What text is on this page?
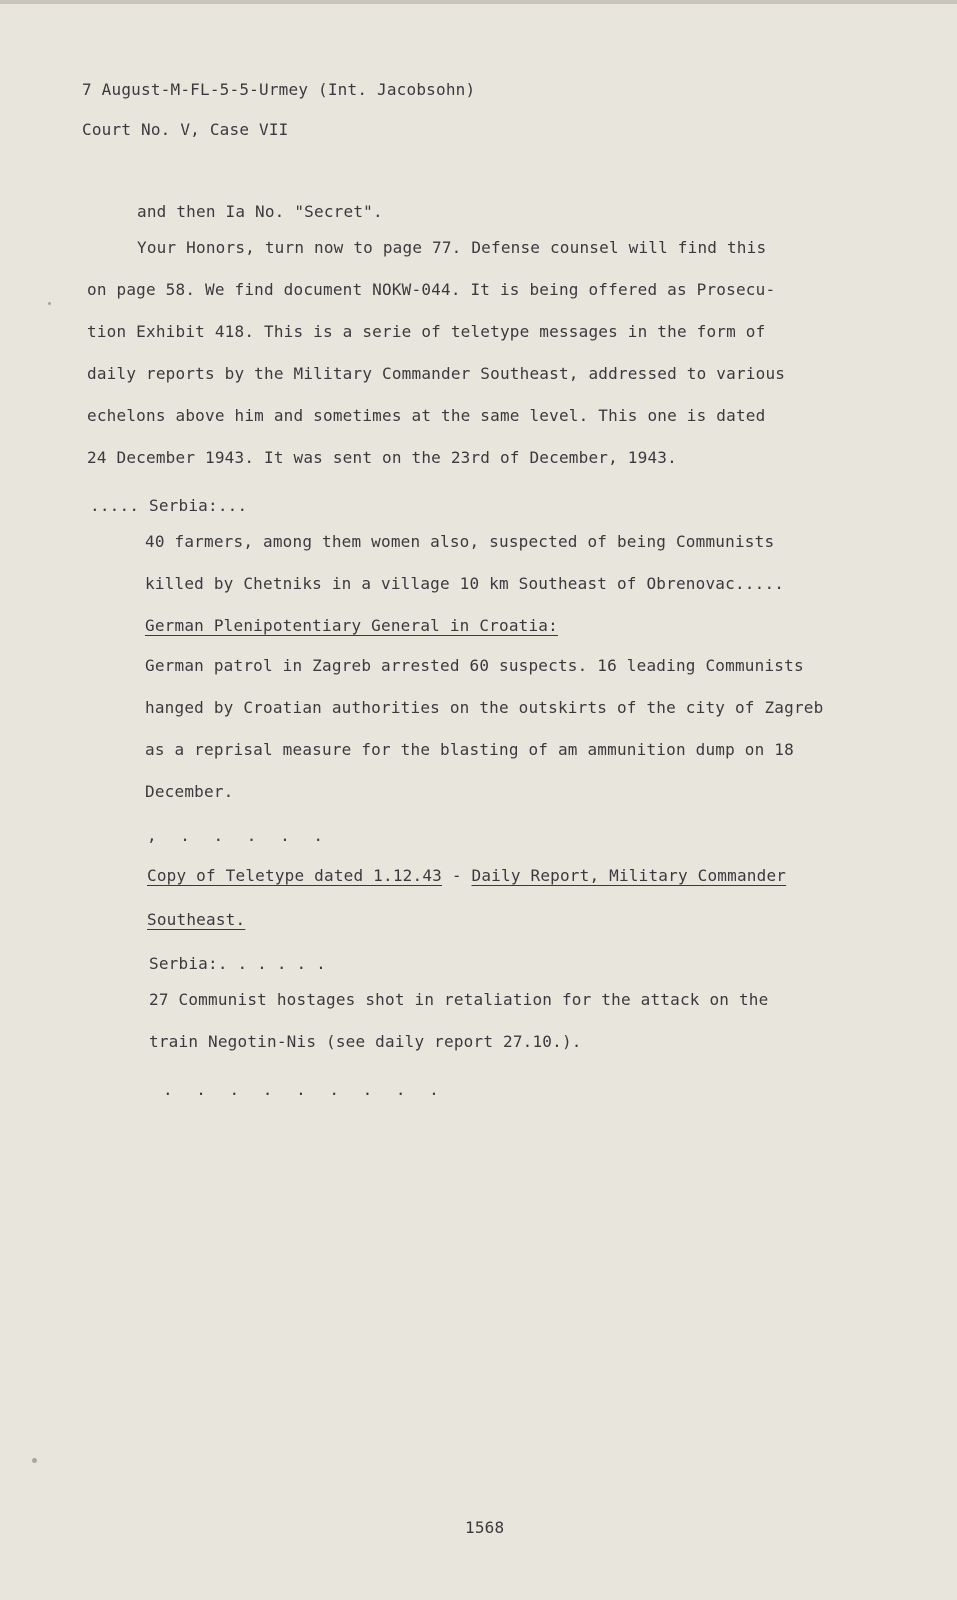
7 August-M-FL-5-5-Urmey (Int. Jacobsohn)
Court No. V, Case VII
and then Ia No. "Secret".
Your Honors, turn now to page 77. Defense counsel will find this
on page 58. We find document NOKW-044. It is being offered as Prosecu-
tion Exhibit 418. This is a serie of teletype messages in the form of
daily reports by the Military Commander Southeast, addressed to various
echelons above him and sometimes at the same level. This one is dated
24 December 1943. It was sent on the 23rd of December, 1943.
..... Serbia:...
40 farmers, among them women also, suspected of being Communists
killed by Chetniks in a village 10 km Southeast of Obrenovac.....
German Plenipotentiary General in Croatia:
German patrol in Zagreb arrested 60 suspects. 16 leading Communists
hanged by Croatian authorities on the outskirts of the city of Zagreb
as a reprisal measure for the blasting of am ammunition dump on 18
December.
, . . . . .
Copy of Teletype dated 1.12.43 - Daily Report, Military Commander
Southeast.
Serbia:. . . . . .
27 Communist hostages shot in retaliation for the attack on the
train Negotin-Nis (see daily report 27.10.).
. . . . . . . . .
1568
